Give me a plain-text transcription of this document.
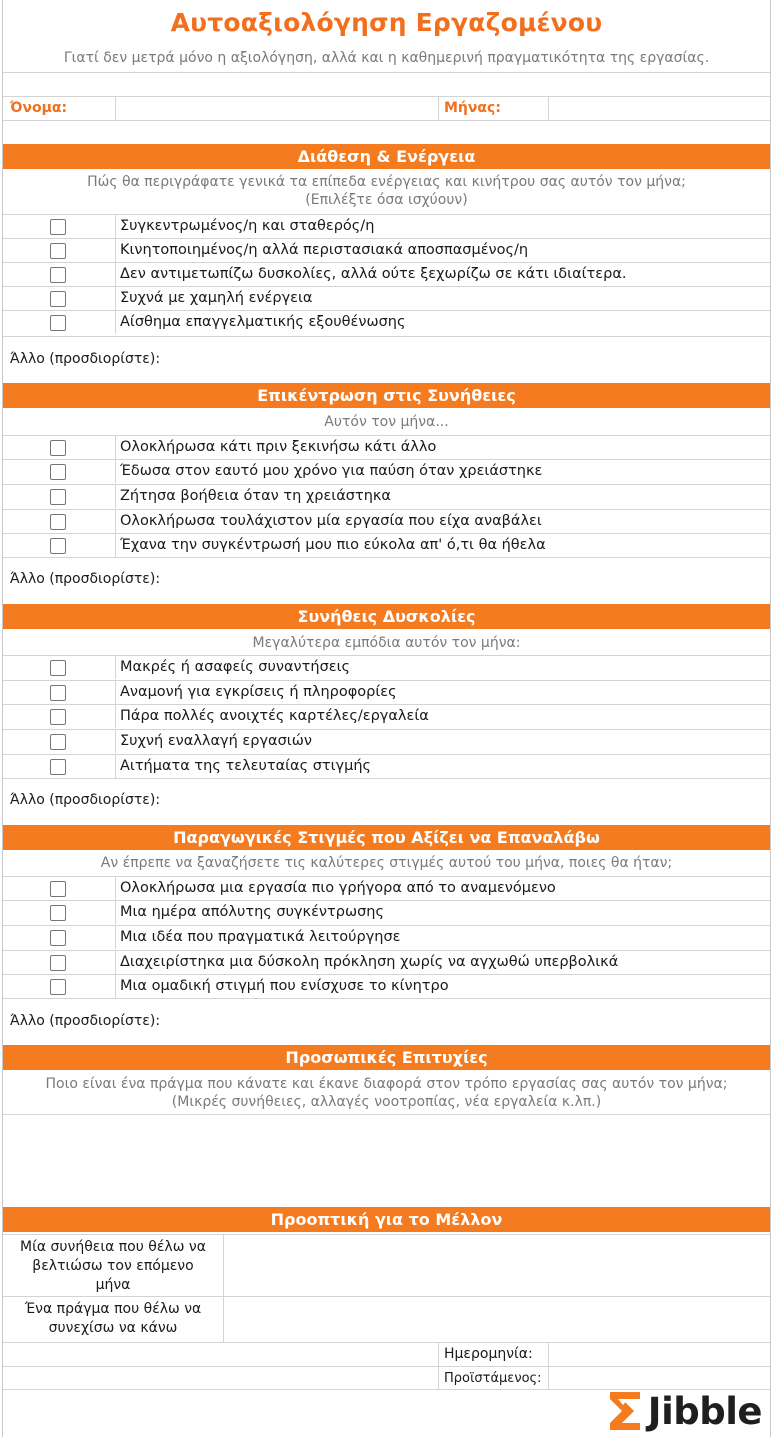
Αυτοαξιολόγηση Εργαζομένου
Γιατί δεν μετρά μόνο η αξιολόγηση, αλλά και η καθημερινή πραγματικότητα της εργασίας.
Όνομα:	Μήνας:
Διάθεση & Ενέργεια
Πώς θα περιγράφατε γενικά τα επίπεδα ενέργειας και κινήτρου σας αυτόν τον μήνα;
(Επιλέξτε όσα ισχύουν)
Συγκεντρωμένος/η και σταθερός/η
Κινητοποιημένος/η αλλά περιστασιακά αποσπασμένος/η
Δεν αντιμετωπίζω δυσκολίες, αλλά ούτε ξεχωρίζω σε κάτι ιδιαίτερα.
Συχνά με χαμηλή ενέργεια
Αίσθημα επαγγελματικής εξουθένωσης
Άλλο (προσδιορίστε):
Επικέντρωση στις Συνήθειες
Αυτόν τον μήνα...
Ολοκλήρωσα κάτι πριν ξεκινήσω κάτι άλλο
Έδωσα στον εαυτό μου χρόνο για παύση όταν χρειάστηκε
Ζήτησα βοήθεια όταν τη χρειάστηκα
Ολοκλήρωσα τουλάχιστον μία εργασία που είχα αναβάλει
Έχανα την συγκέντρωσή μου πιο εύκολα απ' ό,τι θα ήθελα
Άλλο (προσδιορίστε):
Συνήθεις Δυσκολίες
Μεγαλύτερα εμπόδια αυτόν τον μήνα:
Μακρές ή ασαφείς συναντήσεις
Αναμονή για εγκρίσεις ή πληροφορίες
Πάρα πολλές ανοιχτές καρτέλες/εργαλεία
Συχνή εναλλαγή εργασιών
Αιτήματα της τελευταίας στιγμής
Άλλο (προσδιορίστε):
Παραγωγικές Στιγμές που Αξίζει να Επαναλάβω
Αν έπρεπε να ξαναζήσετε τις καλύτερες στιγμές αυτού του μήνα, ποιες θα ήταν;
Ολοκλήρωσα μια εργασία πιο γρήγορα από το αναμενόμενο
Μια ημέρα απόλυτης συγκέντρωσης
Μια ιδέα που πραγματικά λειτούργησε
Διαχειρίστηκα μια δύσκολη πρόκληση χωρίς να αγχωθώ υπερβολικά
Μια ομαδική στιγμή που ενίσχυσε το κίνητρο
Άλλο (προσδιορίστε):
Προσωπικές Επιτυχίες
Ποιο είναι ένα πράγμα που κάνατε και έκανε διαφορά στον τρόπο εργασίας σας αυτόν τον μήνα;
(Μικρές συνήθειες, αλλαγές νοοτροπίας, νέα εργαλεία κ.λπ.)
Προοπτική για το Μέλλον
Μία συνήθεια που θέλω να
βελτιώσω τον επόμενο
μήνα
Ένα πράγμα που θέλω να
συνεχίσω να κάνω
Ημερομηνία:
Προϊστάμενος:
Jibble
